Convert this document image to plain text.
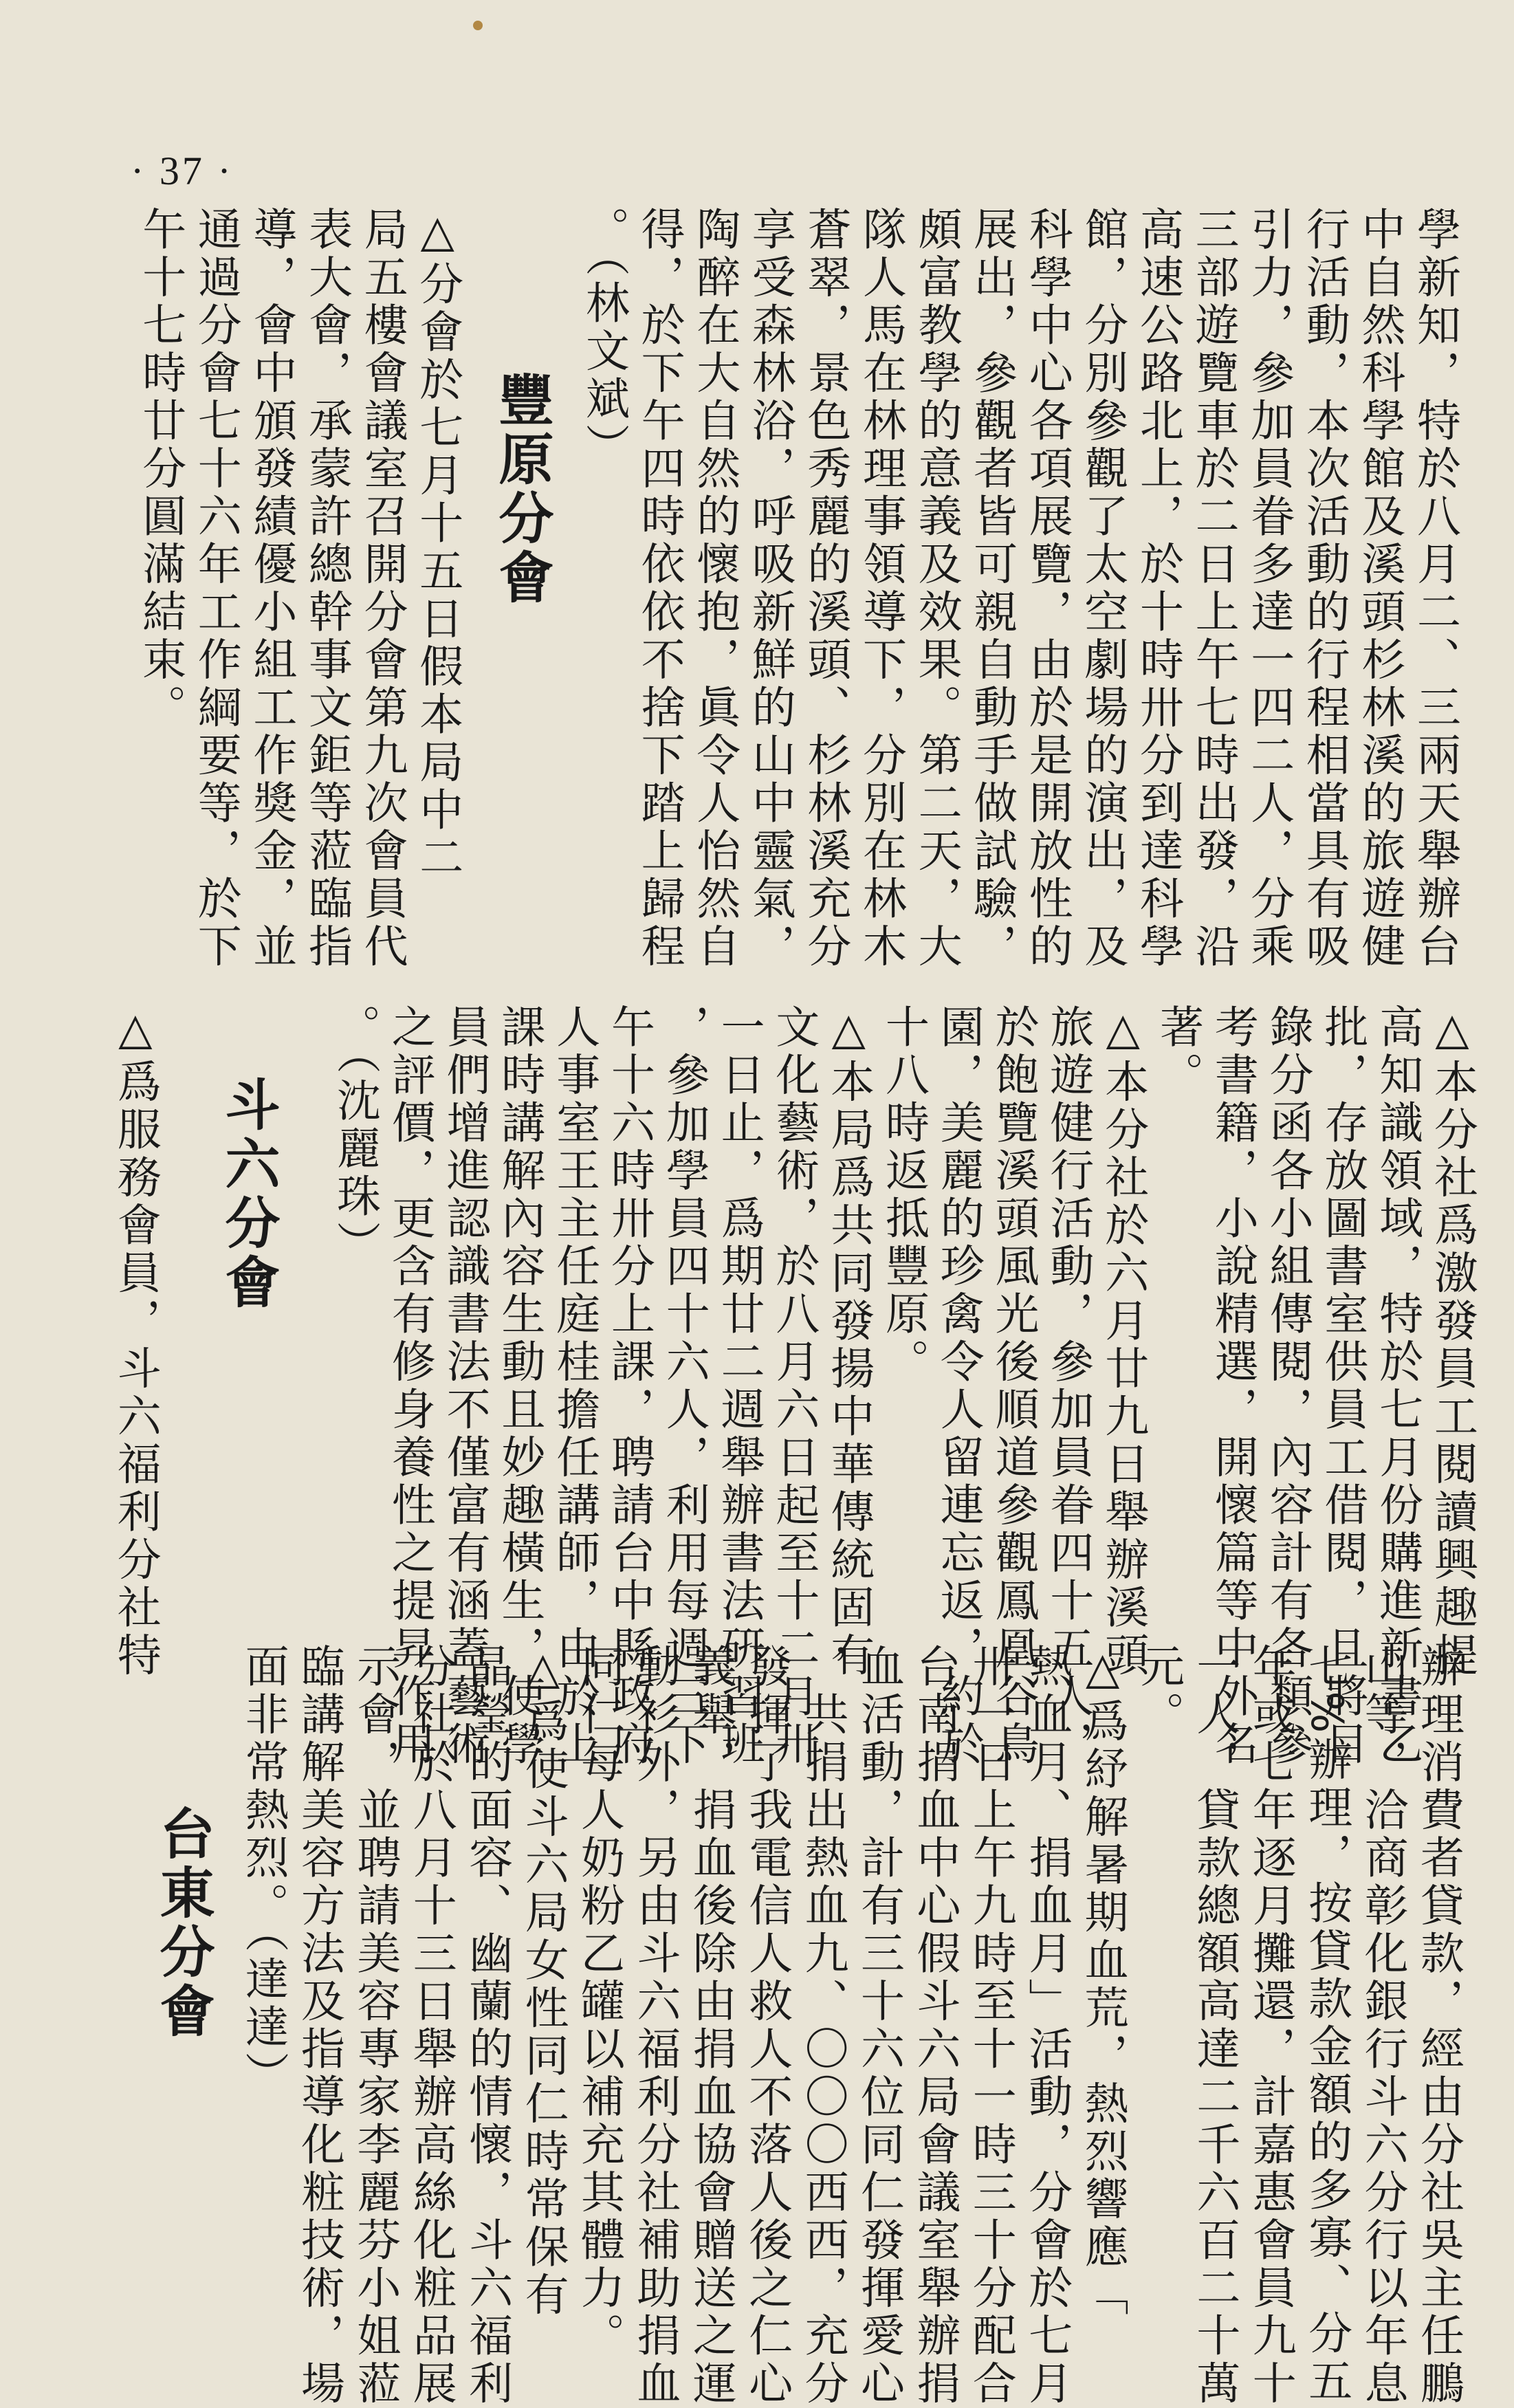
· 37 ·
學新知，特於八月二、三兩天舉辦台
中自然科學館及溪頭杉林溪的旅遊健
行活動，本次活動的行程相當具有吸
引力，參加員眷多達一四二人，分乘
三部遊覽車於二日上午七時出發，沿
高速公路北上，於十時卅分到達科學
館，分別參觀了太空劇場的演出，及
科學中心各項展覽，由於是開放性的
展出，參觀者皆可親自動手做試驗，
頗富教學的意義及效果。第二天，大
隊人馬在林理事領導下，分別在林木
蒼翠，景色秀麗的溪頭、杉林溪充分
享受森林浴，呼吸新鮮的山中靈氣，
陶醉在大自然的懷抱，眞令人怡然自
得，於下午四時依依不捨下踏上歸程
。（林文斌）
△分會於七月十五日假本局中二
局五樓會議室召開分會第九次會員代
表大會，承蒙許總幹事文鉅等蒞臨指
導，會中頒發績優小組工作獎金，並
通過分會七十六年工作綱要等，於下
午十七時廿分圓滿結束。
△本分社爲激發員工閱讀興趣提
高知識領域，特於七月份購進新書乙
批，存放圖書室供員工借閱，且將目
錄分函各小組傳閱，內容計有各類參
考書籍，小說精選，開懷篇等中外名
著。
△本分社於六月廿九日舉辦溪頭
旅遊健行活動，參加員眷四十五人，
於飽覽溪頭風光後順道參觀鳳凰谷鳥
園，美麗的珍禽令人留連忘返，約於
十八時返抵豐原。
△本局爲共同發揚中華傳統固有
文化藝術，於八月六日起至十二月卅
一日止，爲期廿二週舉辦書法硏習班
，參加學員四十六人，利用每週三下
午十六時卅分上課，聘請台中縣政府
人事室王主任庭桂擔任講師，由於上
課時講解內容生動且妙趣橫生，使學
員們增進認識書法不僅富有涵蓋藝術
之評價，更含有修身養性之提昇作用
。（沈麗珠）
△爲服務會員，斗六福利分社特
辦理消費者貸款，經由分社吳主任鵬
山等，洽商彰化銀行斗六分行以年息
七%辦理，按貸款金額的多寡、分五
年或七年逐月攤還，計嘉惠會員九十
一人，貸款總額高達二千六百二十萬
元。
△爲紓解暑期血荒，熱烈響應「
熱血月、捐血月」活動，分會於七月
卅一日上午九時至十一時三十分配合
台南捐血中心假斗六局會議室舉辦捐
血活動，計有三十六位同仁發揮愛心
，共捐出熱血九、〇〇〇西西，充分
發揮了我電信人救人不落人後之仁心
義舉，捐血後除由捐血協會贈送之運
動衫外，另由斗六福利分社補助捐血
同仁每人奶粉乙罐以補充其體力。
△爲使斗六局女性同仁時常保有
晶瑩的面容、幽蘭的情懷，斗六福利
分社於八月十三日舉辦高絲化粧品展
示會，並聘請美容專家李麗芬小姐蒞
臨講解美容方法及指導化粧技術，場
面非常熱烈。（達達）
豐原分會
斗六分會
台東分會
